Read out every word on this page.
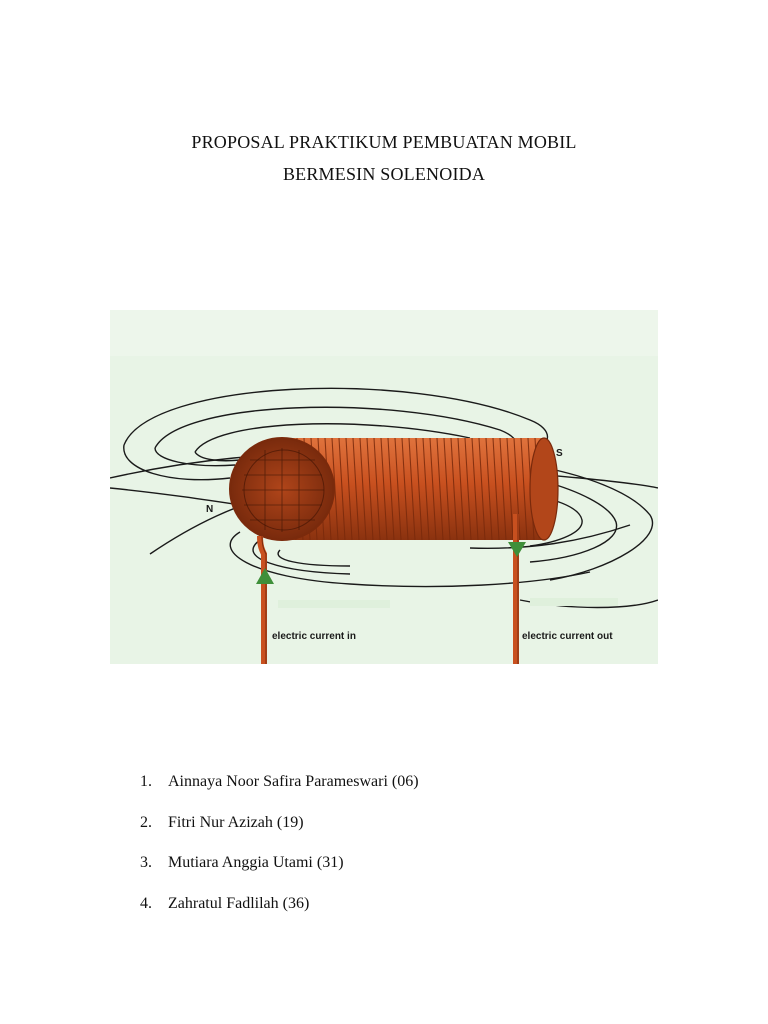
PROPOSAL PRAKTIKUM PEMBUATAN MOBIL
BERMESIN SOLENOIDA
N
S
electric current in	electric current out
1. Ainnaya Noor Safira Parameswari (06)
2. Fitri Nur Azizah (19)
3. Mutiara Anggia Utami (31)
4. Zahratul Fadlilah (36)
